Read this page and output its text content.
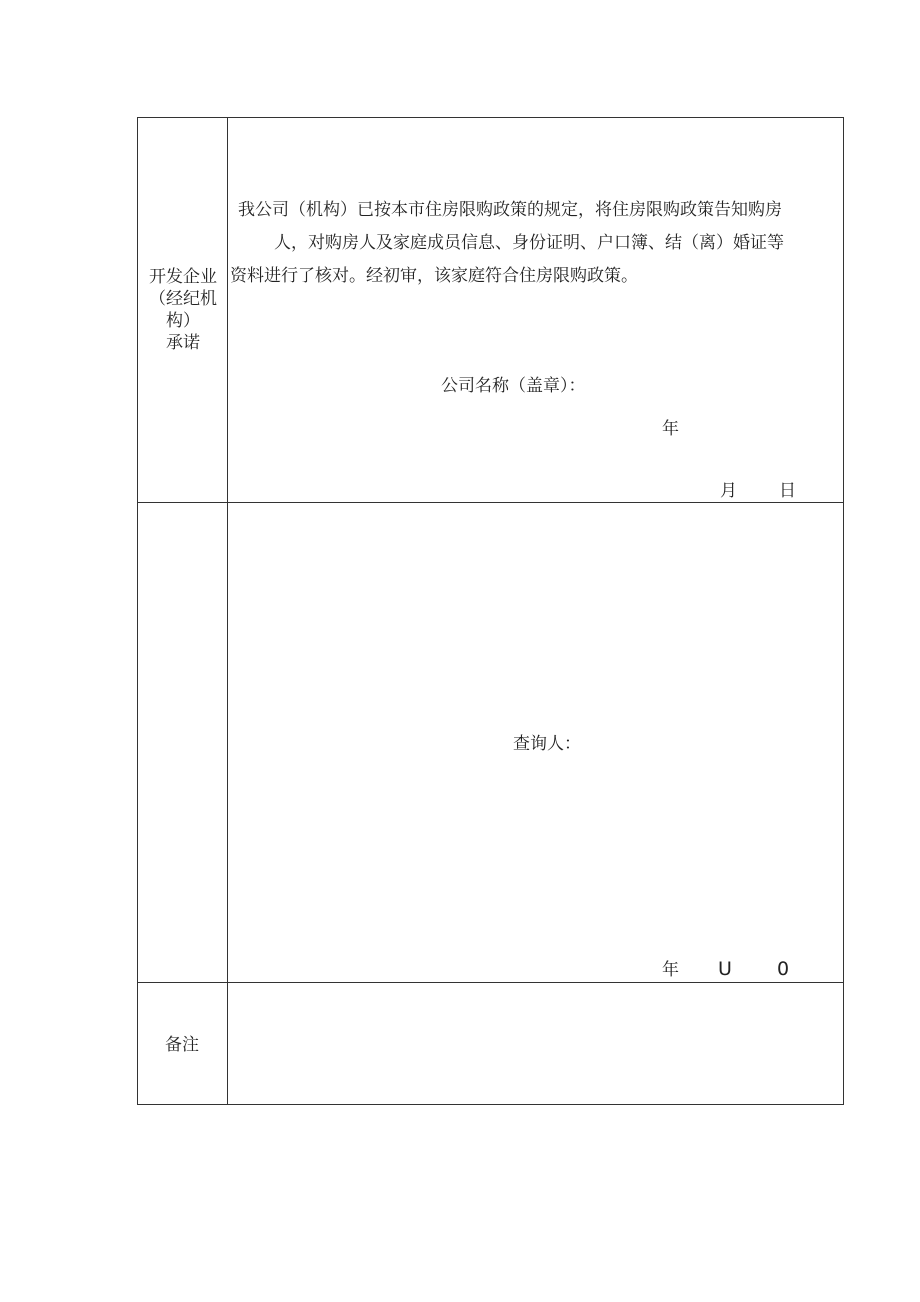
开发企业
（经纪机
构）
承诺

我公司（机构）已按本市住房限购政策的规定，将住房限购政策告知购房

人，对购房人及家庭成员信息、身份证明、户口簿、结（离）婚证等

资料进行了核对。经初审，该家庭符合住房限购政策。

公司名称（盖章）：
年
月 日
查询人：
年 U 0
备注
